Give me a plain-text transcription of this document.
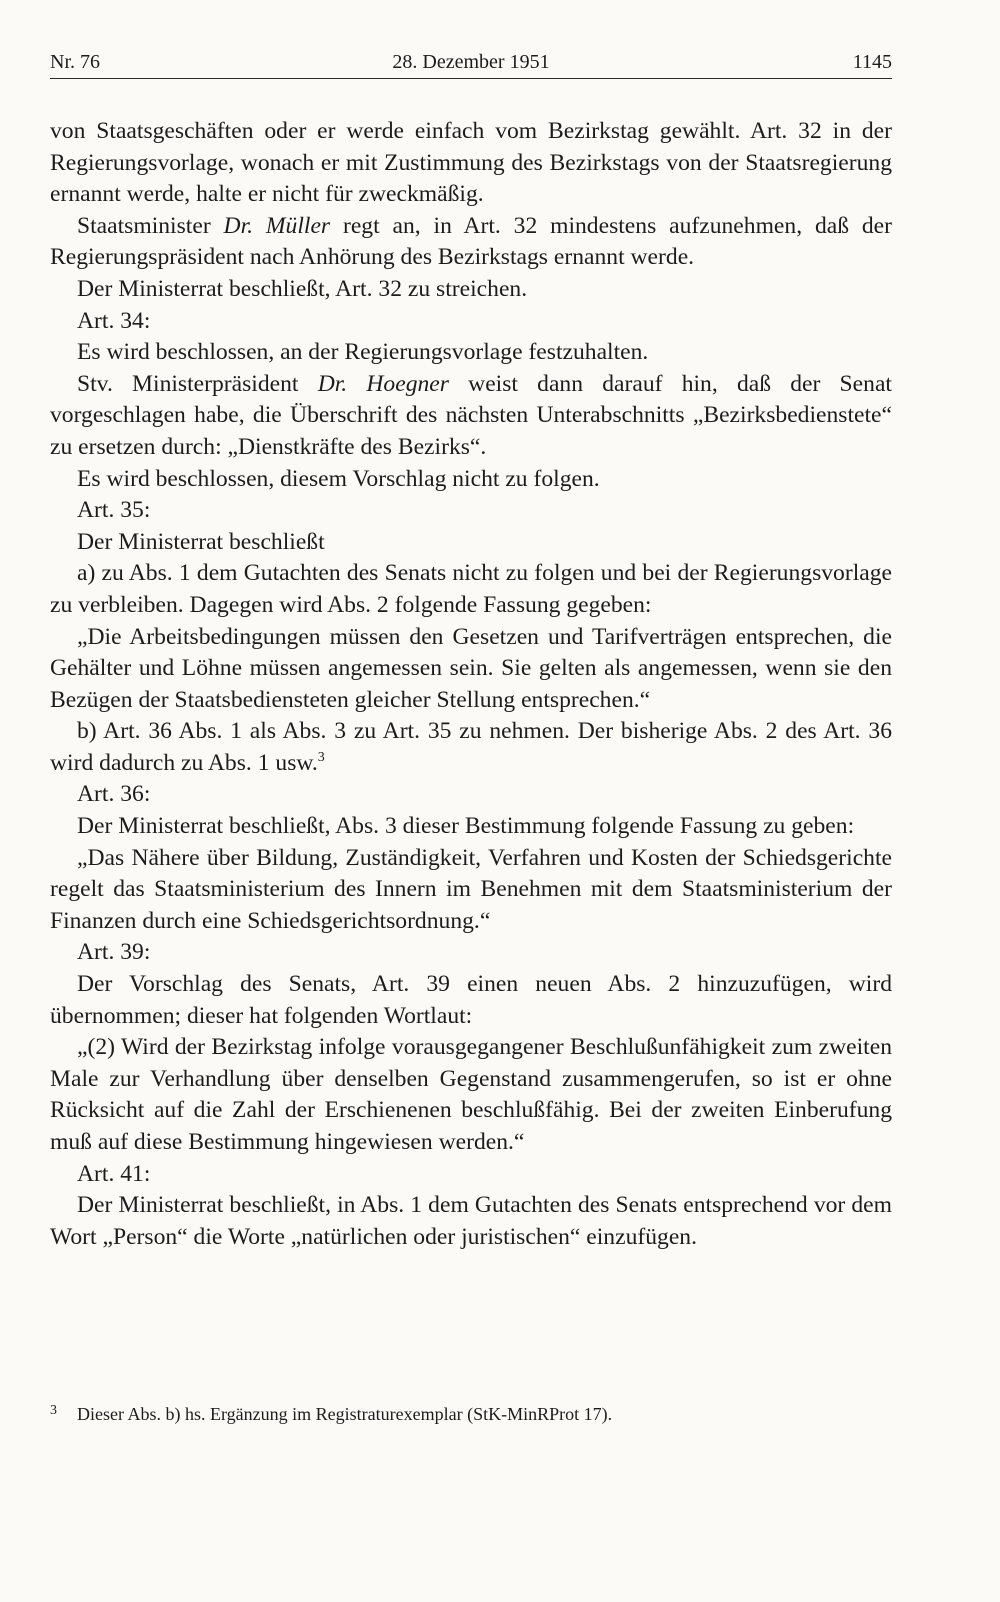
Nr. 76	28. Dezember 1951	1145

von Staatsgeschäften oder er werde einfach vom Bezirkstag gewählt. Art. 32 in der Regierungsvorlage, wonach er mit Zustimmung des Bezirkstags von der Staatsregierung ernannt werde, halte er nicht für zweckmäßig.

Staatsminister Dr. Müller regt an, in Art. 32 mindestens aufzunehmen, daß der Regierungspräsident nach Anhörung des Bezirkstags ernannt werde.

Der Ministerrat beschließt, Art. 32 zu streichen.

Art. 34:

Es wird beschlossen, an der Regierungsvorlage festzuhalten.

Stv. Ministerpräsident Dr. Hoegner weist dann darauf hin, daß der Senat vorgeschlagen habe, die Überschrift des nächsten Unterabschnitts „Bezirksbedienstete“ zu ersetzen durch: „Dienstkräfte des Bezirks“.

Es wird beschlossen, diesem Vorschlag nicht zu folgen.

Art. 35:

Der Ministerrat beschließt

a) zu Abs. 1 dem Gutachten des Senats nicht zu folgen und bei der Regierungsvorlage zu verbleiben. Dagegen wird Abs. 2 folgende Fassung gegeben:

„Die Arbeitsbedingungen müssen den Gesetzen und Tarifverträgen entsprechen, die Gehälter und Löhne müssen angemessen sein. Sie gelten als angemessen, wenn sie den Bezügen der Staatsbediensteten gleicher Stellung entsprechen.“

b) Art. 36 Abs. 1 als Abs. 3 zu Art. 35 zu nehmen. Der bisherige Abs. 2 des Art. 36 wird dadurch zu Abs. 1 usw.$^3$

Art. 36:

Der Ministerrat beschließt, Abs. 3 dieser Bestimmung folgende Fassung zu geben:

„Das Nähere über Bildung, Zuständigkeit, Verfahren und Kosten der Schiedsgerichte regelt das Staatsministerium des Innern im Benehmen mit dem Staatsministerium der Finanzen durch eine Schiedsgerichtsordnung.“

Art. 39:

Der Vorschlag des Senats, Art. 39 einen neuen Abs. 2 hinzuzufügen, wird übernommen; dieser hat folgenden Wortlaut:

„(2) Wird der Bezirkstag infolge vorausgegangener Beschlußunfähigkeit zum zweiten Male zur Verhandlung über denselben Gegenstand zusammengerufen, so ist er ohne Rücksicht auf die Zahl der Erschienenen beschlußfähig. Bei der zweiten Einberufung muß auf diese Bestimmung hingewiesen werden.“

Art. 41:

Der Ministerrat beschließt, in Abs. 1 dem Gutachten des Senats entsprechend vor dem Wort „Person“ die Worte „natürlichen oder juristischen“ einzufügen.

3 Dieser Abs. b) hs. Ergänzung im Registraturexemplar (StK-MinRProt 17).
